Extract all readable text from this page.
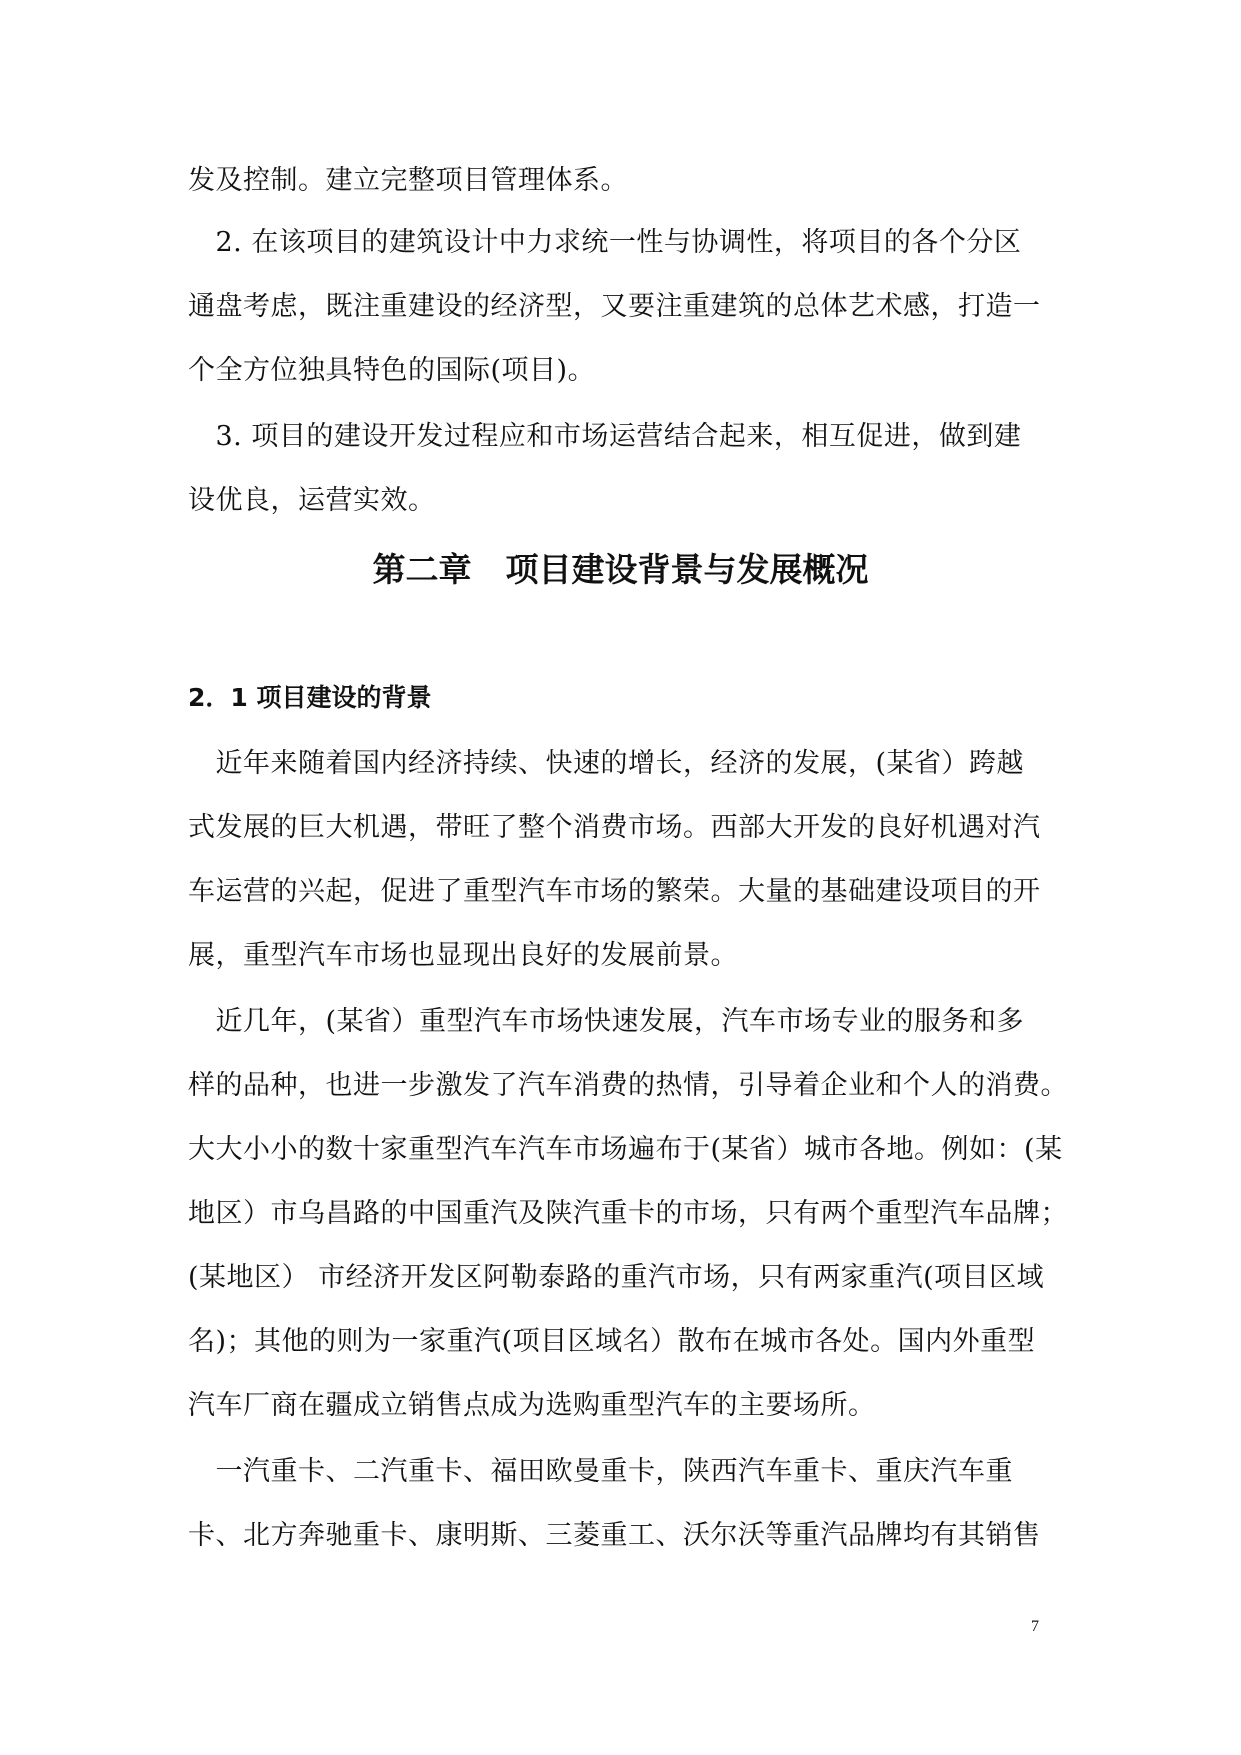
发及控制。建立完整项目管理体系。
　2. 在该项目的建筑设计中力求统一性与协调性，将项目的各个分区
通盘考虑，既注重建设的经济型，又要注重建筑的总体艺术感，打造一
个全方位独具特色的国际(项目)。
　3. 项目的建设开发过程应和市场运营结合起来，相互促进，做到建
设优良，运营实效。
第二章 项目建设背景与发展概况
2．1 项目建设的背景
　近年来随着国内经济持续、快速的增长，经济的发展，(某省）跨越
式发展的巨大机遇，带旺了整个消费市场。西部大开发的良好机遇对汽
车运营的兴起，促进了重型汽车市场的繁荣。大量的基础建设项目的开
展，重型汽车市场也显现出良好的发展前景。
　近几年，(某省）重型汽车市场快速发展，汽车市场专业的服务和多
样的品种，也进一步激发了汽车消费的热情，引导着企业和个人的消费。
大大小小的数十家重型汽车汽车市场遍布于(某省）城市各地。例如：(某
地区）市乌昌路的中国重汽及陕汽重卡的市场，只有两个重型汽车品牌；
(某地区） 市经济开发区阿勒泰路的重汽市场，只有两家重汽(项目区域
名)；其他的则为一家重汽(项目区域名）散布在城市各处。国内外重型
汽车厂商在疆成立销售点成为选购重型汽车的主要场所。
　一汽重卡、二汽重卡、福田欧曼重卡，陕西汽车重卡、重庆汽车重
卡、北方奔驰重卡、康明斯、三菱重工、沃尔沃等重汽品牌均有其销售
7
